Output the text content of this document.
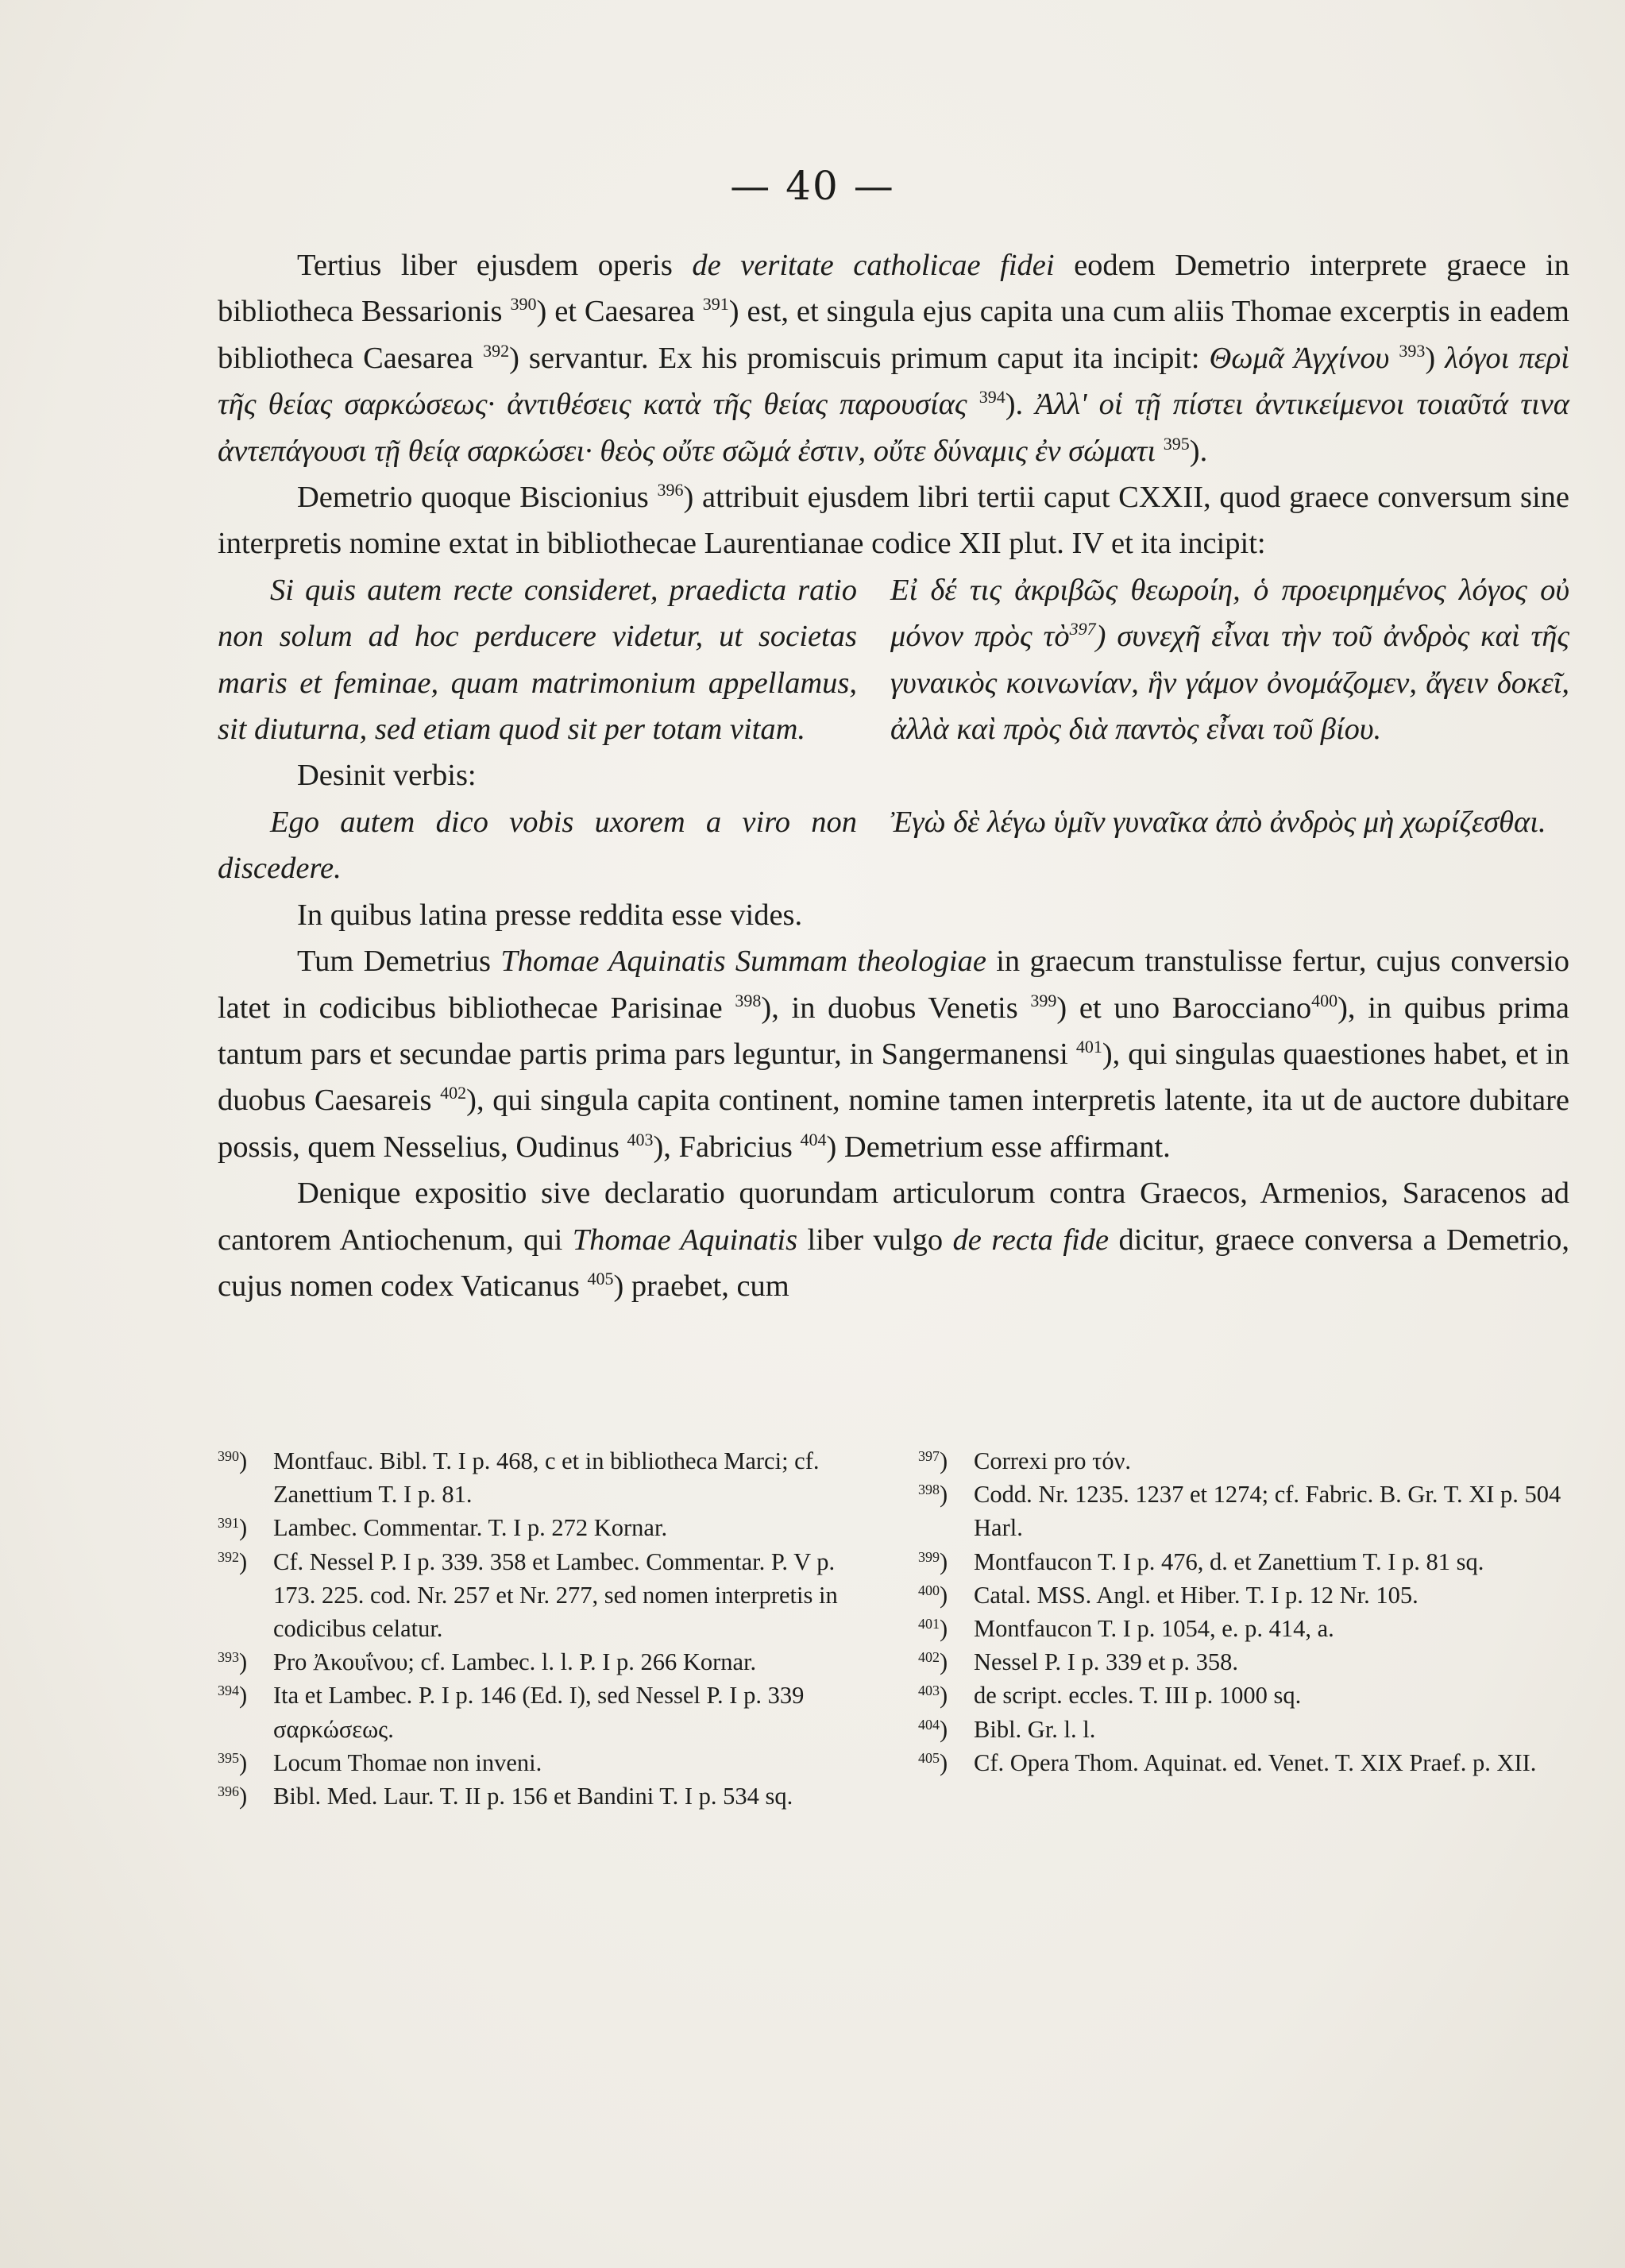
— 40 —

Tertius liber ejusdem operis de veritate catholicae fidei eodem Demetrio interprete graece in bibliotheca Bessarionis $^{390}$) et Caesarea $^{391}$) est, et singula ejus capita una cum aliis Thomae excerptis in eadem bibliotheca Caesarea $^{392}$) servantur. Ex his promiscuis primum caput ita incipit: Θωμᾶ Ἀγχίνου $^{393}$) λόγοι περὶ τῆς θείας σαρκώσεως· ἀντιθέσεις κατὰ τῆς θείας παρουσίας $^{394}$). Ἀλλ' οἱ τῇ πίστει ἀντικείμενοι τοιαῦτά τινα ἀντεπάγουσι τῇ θείᾳ σαρκώσει· θεὸς οὔτε σῶμά ἐστιν, οὔτε δύναμις ἐν σώματι $^{395}$).

Demetrio quoque Biscionius $^{396}$) attribuit ejusdem libri tertii caput CXXII, quod graece conversum sine interpretis nomine extat in bibliothecae Laurentianae codice XII plut. IV et ita incipit:

Si quis autem recte consideret, praedicta ratio non solum ad hoc perducere videtur, ut societas maris et feminae, quam matrimonium appellamus, sit diuturna, sed etiam quod sit per totam vitam.
Εἰ δέ τις ἀκριβῶς θεωροίη, ὁ προειρημένος λόγος οὐ μόνον πρὸς τὸ$^{397}$) συνεχῆ εἶναι τὴν τοῦ ἀνδρὸς καὶ τῆς γυναικὸς κοινωνίαν, ἣν γάμον ὀνομάζομεν, ἄγειν δοκεῖ, ἀλλὰ καὶ πρὸς διὰ παντὸς εἶναι τοῦ βίου.

Desinit verbis:

Ego autem dico vobis uxorem a viro non discedere.
Ἐγὼ δὲ λέγω ὑμῖν γυναῖκα ἀπὸ ἀνδρὸς μὴ χωρίζεσθαι.

In quibus latina presse reddita esse vides.

Tum Demetrius Thomae Aquinatis Summam theologiae in graecum transtulisse fertur, cujus conversio latet in codicibus bibliothecae Parisinae $^{398}$), in duobus Venetis $^{399}$) et uno Barocciano$^{400}$), in quibus prima tantum pars et secundae partis prima pars leguntur, in Sangermanensi $^{401}$), qui singulas quaestiones habet, et in duobus Caesareis $^{402}$), qui singula capita continent, nomine tamen interpretis latente, ita ut de auctore dubitare possis, quem Nesselius, Oudinus $^{403}$), Fabricius $^{404}$) Demetrium esse affirmant.

Denique expositio sive declaratio quorundam articulorum contra Graecos, Armenios, Saracenos ad cantorem Antiochenum, qui Thomae Aquinatis liber vulgo de recta fide dicitur, graece conversa a Demetrio, cujus nomen codex Vaticanus $^{405}$) praebet, cum

$^{390}$)	Montfauc. Bibl. T. I p. 468, c et in bibliotheca Marci; cf. Zanettium T. I p. 81.
$^{391}$)	Lambec. Commentar. T. I p. 272 Kornar.
$^{392}$)	Cf. Nessel P. I p. 339. 358 et Lambec. Commentar. P. V p. 173. 225. cod. Nr. 257 et Nr. 277, sed nomen interpretis in codicibus celatur.
$^{393}$)	Pro Ἀκουΐνου; cf. Lambec. l. l. P. I p. 266 Kornar.
$^{394}$)	Ita et Lambec. P. I p. 146 (Ed. I), sed Nessel P. I p. 339 σαρκώσεως.
$^{395}$)	Locum Thomae non inveni.
$^{396}$)	Bibl. Med. Laur. T. II p. 156 et Bandini T. I p. 534 sq.
$^{397}$)	Correxi pro τόν.
$^{398}$)	Codd. Nr. 1235. 1237 et 1274; cf. Fabric. B. Gr. T. XI p. 504 Harl.
$^{399}$)	Montfaucon T. I p. 476, d. et Zanettium T. I p. 81 sq.
$^{400}$)	Catal. MSS. Angl. et Hiber. T. I p. 12 Nr. 105.
$^{401}$)	Montfaucon T. I p. 1054, e. p. 414, a.
$^{402}$)	Nessel P. I p. 339 et p. 358.
$^{403}$)	de script. eccles. T. III p. 1000 sq.
$^{404}$)	Bibl. Gr. l. l.
$^{405}$)	Cf. Opera Thom. Aquinat. ed. Venet. T. XIX Praef. p. XII.
